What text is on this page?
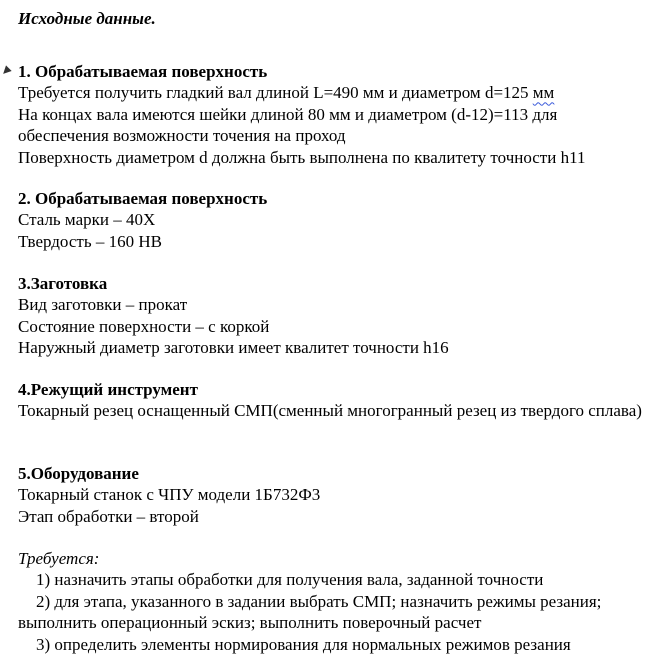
Исходные данные.
1. Обрабатываемая поверхность
Требуется получить гладкий вал длиной L=490 мм и диаметром d=125 мм
На концах вала имеются шейки длиной 80 мм и диаметром (d-12)=113 для обеспечения возможности точения на проход
Поверхность диаметром d должна быть выполнена по квалитету точности h11
2. Обрабатываемая поверхность
Сталь марки – 40Х
Твердость – 160 НВ
3.Заготовка
Вид заготовки – прокат
Состояние поверхности – с коркой
Наружный диаметр заготовки имеет квалитет точности h16
4.Режущий инструмент
Токарный резец оснащенный СМП(сменный многогранный резец из твердого сплава)
5.Оборудование
Токарный станок с ЧПУ модели 1Б732Ф3
Этап обработки – второй
Требуется:
1) назначить этапы обработки для получения вала, заданной точности
2) для этапа, указанного в задании выбрать СМП; назначить режимы резания; выполнить операционный эскиз; выполнить поверочный расчет
3) определить элементы нормирования для нормальных режимов резания
